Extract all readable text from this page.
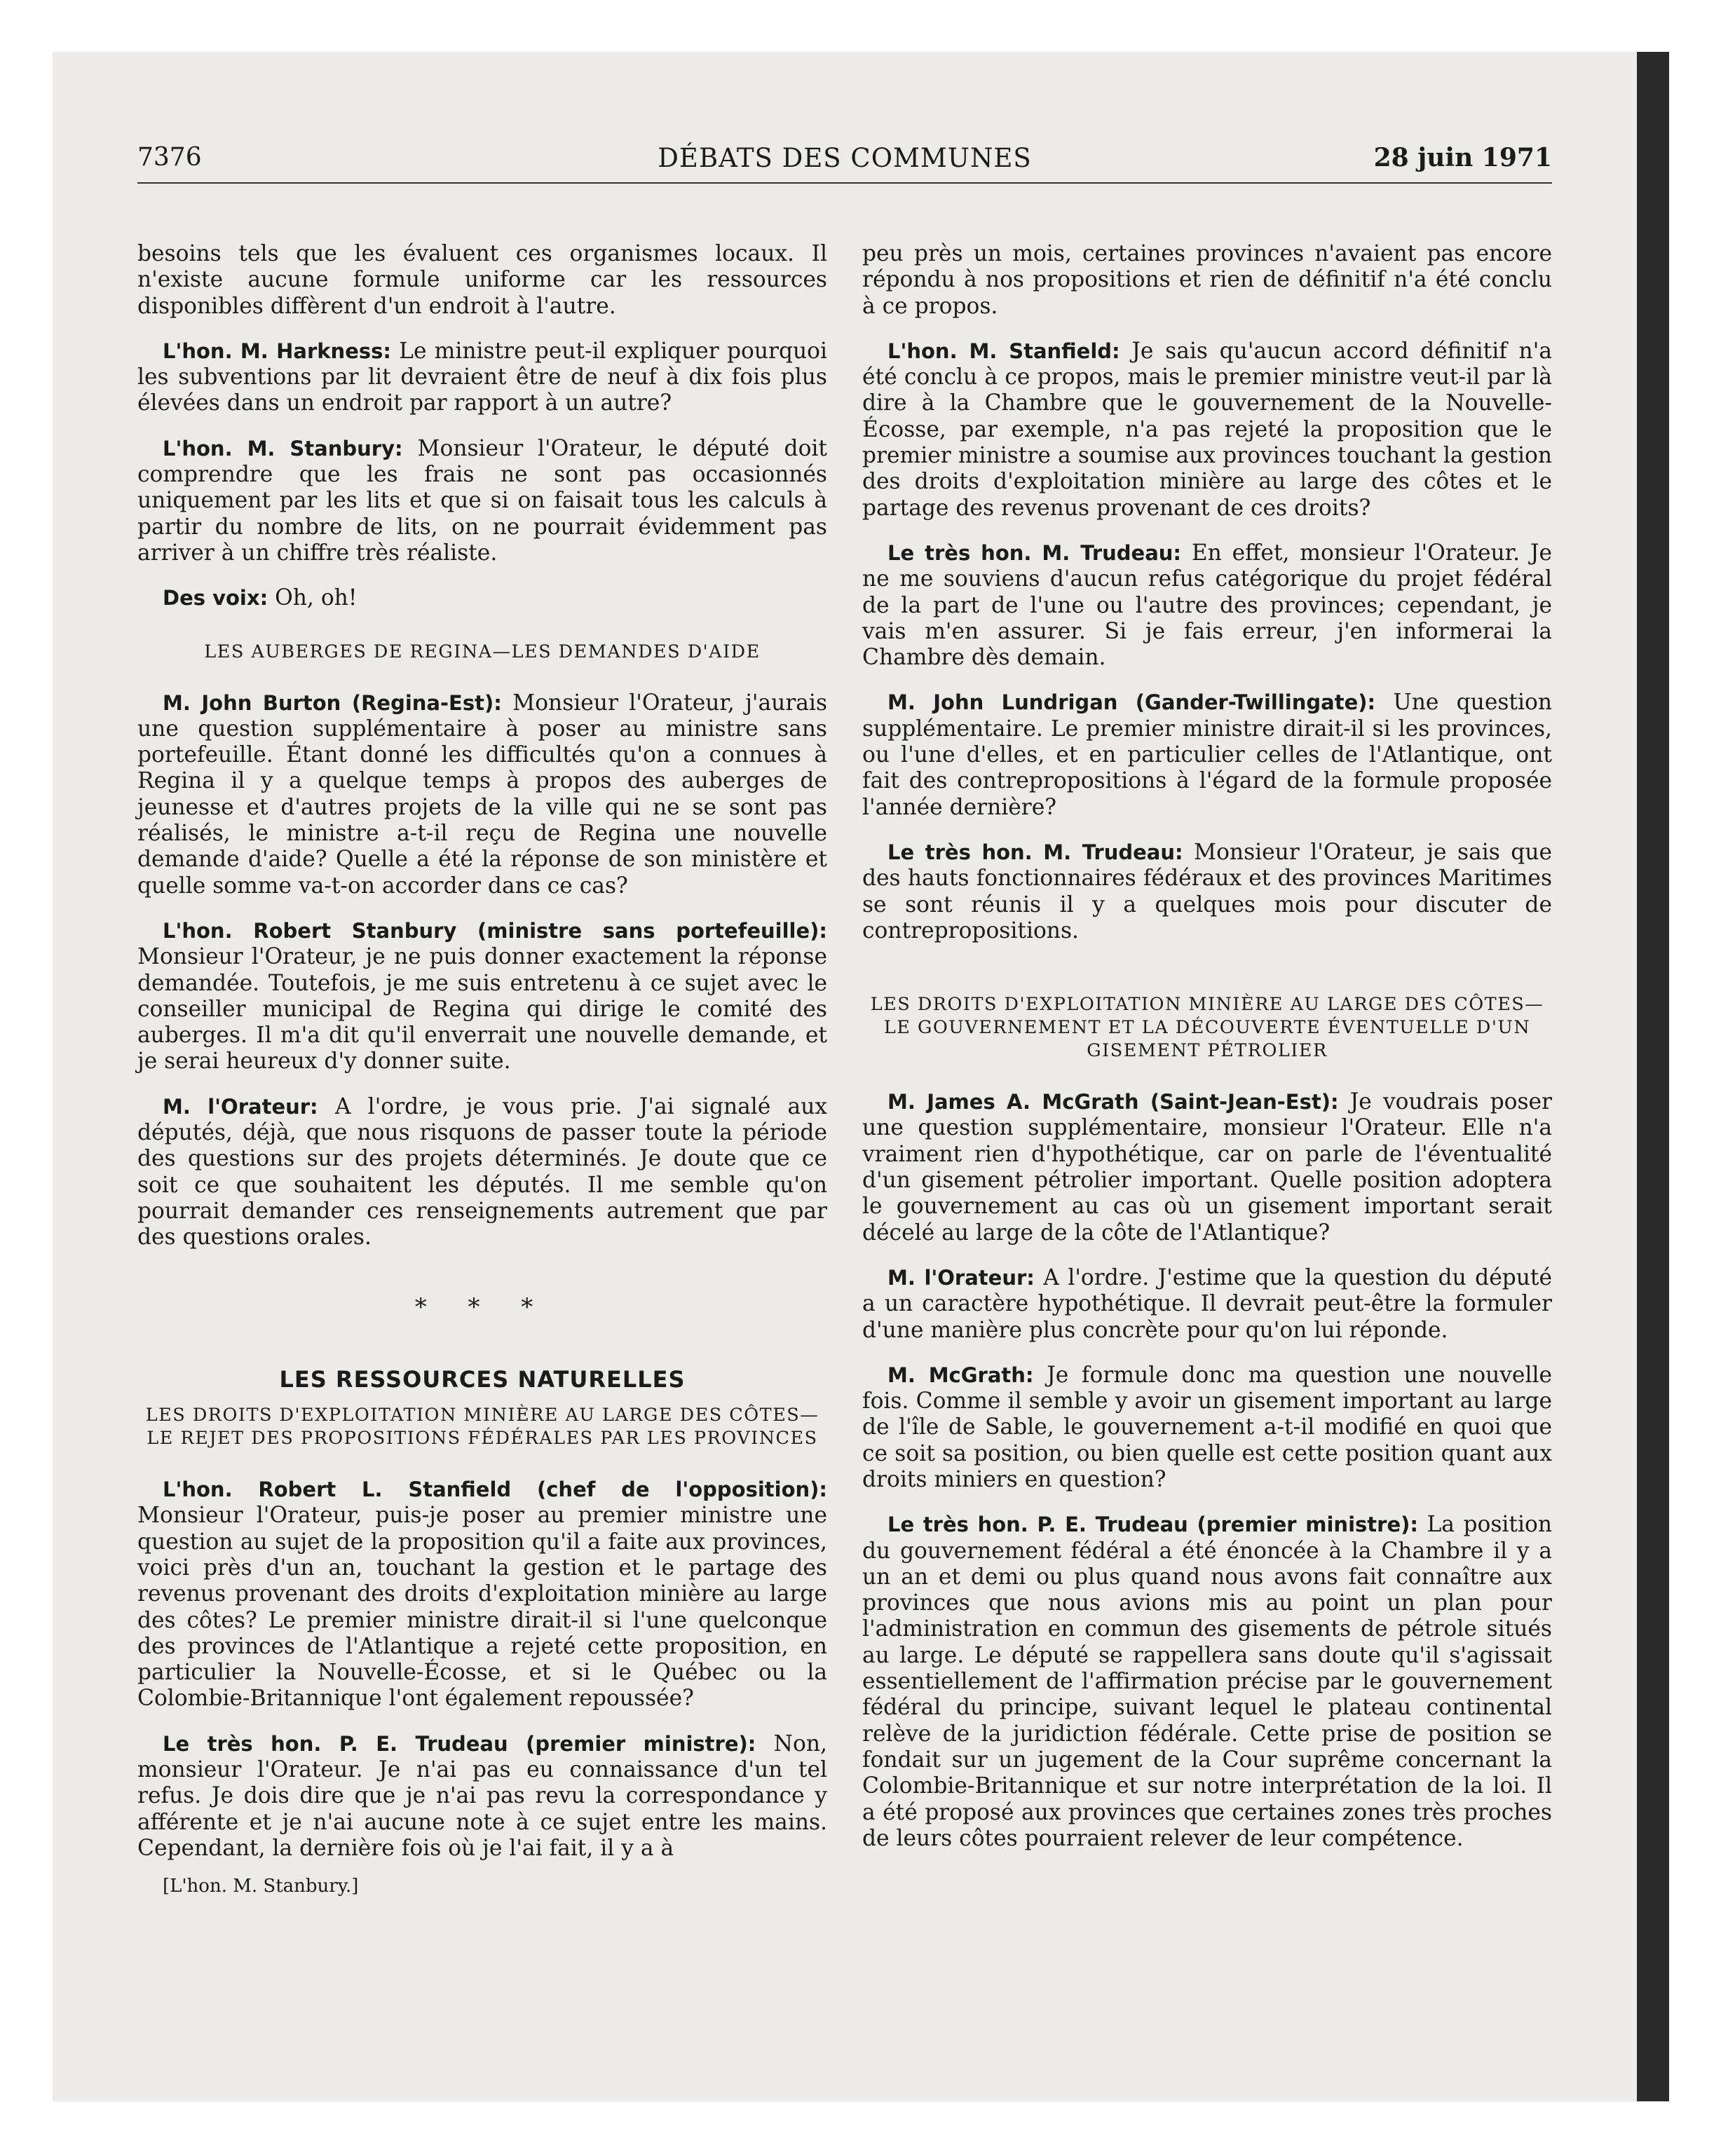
7376	DÉBATS DES COMMUNES	28 juin 1971

besoins tels que les évaluent ces organismes locaux. Il n'existe aucune formule uniforme car les ressources disponibles diffèrent d'un endroit à l'autre.

L'hon. M. Harkness: Le ministre peut-il expliquer pourquoi les subventions par lit devraient être de neuf à dix fois plus élevées dans un endroit par rapport à un autre?

L'hon. M. Stanbury: Monsieur l'Orateur, le député doit comprendre que les frais ne sont pas occasionnés uniquement par les lits et que si on faisait tous les calculs à partir du nombre de lits, on ne pourrait évidemment pas arriver à un chiffre très réaliste.

Des voix: Oh, oh!

LES AUBERGES DE REGINA—LES DEMANDES D'AIDE

M. John Burton (Regina-Est): Monsieur l'Orateur, j'aurais une question supplémentaire à poser au ministre sans portefeuille. Étant donné les difficultés qu'on a connues à Regina il y a quelque temps à propos des auberges de jeunesse et d'autres projets de la ville qui ne se sont pas réalisés, le ministre a-t-il reçu de Regina une nouvelle demande d'aide? Quelle a été la réponse de son ministère et quelle somme va-t-on accorder dans ce cas?

L'hon. Robert Stanbury (ministre sans portefeuille): Monsieur l'Orateur, je ne puis donner exactement la réponse demandée. Toutefois, je me suis entretenu à ce sujet avec le conseiller municipal de Regina qui dirige le comité des auberges. Il m'a dit qu'il enverrait une nouvelle demande, et je serai heureux d'y donner suite.

M. l'Orateur: A l'ordre, je vous prie. J'ai signalé aux députés, déjà, que nous risquons de passer toute la période des questions sur des projets déterminés. Je doute que ce soit ce que souhaitent les députés. Il me semble qu'on pourrait demander ces renseignements autrement que par des questions orales.

* * *
LES RESSOURCES NATURELLES
LES DROITS D'EXPLOITATION MINIÈRE AU LARGE DES CÔTES—LE REJET DES PROPOSITIONS FÉDÉRALES PAR LES PROVINCES

L'hon. Robert L. Stanfield (chef de l'opposition): Monsieur l'Orateur, puis-je poser au premier ministre une question au sujet de la proposition qu'il a faite aux provinces, voici près d'un an, touchant la gestion et le partage des revenus provenant des droits d'exploitation minière au large des côtes? Le premier ministre dirait-il si l'une quelconque des provinces de l'Atlantique a rejeté cette proposition, en particulier la Nouvelle-Écosse, et si le Québec ou la Colombie-Britannique l'ont également repoussée?

Le très hon. P. E. Trudeau (premier ministre): Non, monsieur l'Orateur. Je n'ai pas eu connaissance d'un tel refus. Je dois dire que je n'ai pas revu la correspondance y afférente et je n'ai aucune note à ce sujet entre les mains. Cependant, la dernière fois où je l'ai fait, il y a à

[L'hon. M. Stanbury.]

peu près un mois, certaines provinces n'avaient pas encore répondu à nos propositions et rien de définitif n'a été conclu à ce propos.

L'hon. M. Stanfield: Je sais qu'aucun accord définitif n'a été conclu à ce propos, mais le premier ministre veut-il par là dire à la Chambre que le gouvernement de la Nouvelle-Écosse, par exemple, n'a pas rejeté la proposition que le premier ministre a soumise aux provinces touchant la gestion des droits d'exploitation minière au large des côtes et le partage des revenus provenant de ces droits?

Le très hon. M. Trudeau: En effet, monsieur l'Orateur. Je ne me souviens d'aucun refus catégorique du projet fédéral de la part de l'une ou l'autre des provinces; cependant, je vais m'en assurer. Si je fais erreur, j'en informerai la Chambre dès demain.

M. John Lundrigan (Gander-Twillingate): Une question supplémentaire. Le premier ministre dirait-il si les provinces, ou l'une d'elles, et en particulier celles de l'Atlantique, ont fait des contrepropositions à l'égard de la formule proposée l'année dernière?

Le très hon. M. Trudeau: Monsieur l'Orateur, je sais que des hauts fonctionnaires fédéraux et des provinces Maritimes se sont réunis il y a quelques mois pour discuter de contrepropositions.

LES DROITS D'EXPLOITATION MINIÈRE AU LARGE DES CÔTES—LE GOUVERNEMENT ET LA DÉCOUVERTE ÉVENTUELLE D'UN GISEMENT PÉTROLIER

M. James A. McGrath (Saint-Jean-Est): Je voudrais poser une question supplémentaire, monsieur l'Orateur. Elle n'a vraiment rien d'hypothétique, car on parle de l'éventualité d'un gisement pétrolier important. Quelle position adoptera le gouvernement au cas où un gisement important serait décelé au large de la côte de l'Atlantique?

M. l'Orateur: A l'ordre. J'estime que la question du député a un caractère hypothétique. Il devrait peut-être la formuler d'une manière plus concrète pour qu'on lui réponde.

M. McGrath: Je formule donc ma question une nouvelle fois. Comme il semble y avoir un gisement important au large de l'île de Sable, le gouvernement a-t-il modifié en quoi que ce soit sa position, ou bien quelle est cette position quant aux droits miniers en question?

Le très hon. P. E. Trudeau (premier ministre): La position du gouvernement fédéral a été énoncée à la Chambre il y a un an et demi ou plus quand nous avons fait connaître aux provinces que nous avions mis au point un plan pour l'administration en commun des gisements de pétrole situés au large. Le député se rappellera sans doute qu'il s'agissait essentiellement de l'affirmation précise par le gouvernement fédéral du principe, suivant lequel le plateau continental relève de la juridiction fédérale. Cette prise de position se fondait sur un jugement de la Cour suprême concernant la Colombie-Britannique et sur notre interprétation de la loi. Il a été proposé aux provinces que certaines zones très proches de leurs côtes pourraient relever de leur compétence.
